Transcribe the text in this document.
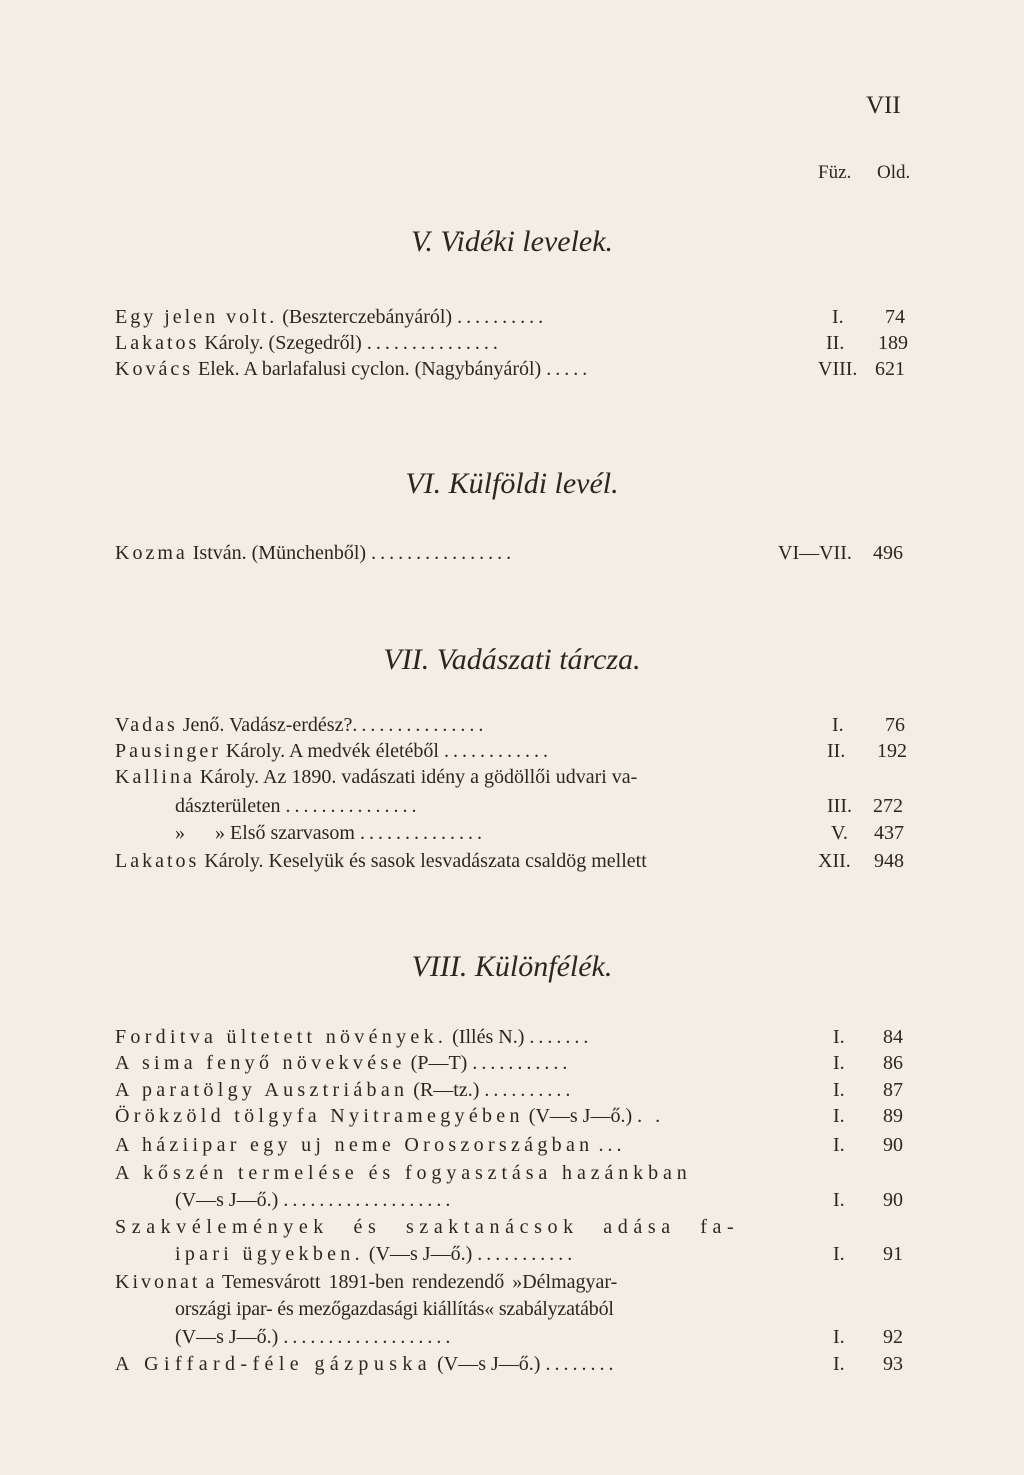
VII
Füz. Old.
V. Vidéki levelek.
Egy jelen volt. (Beszterczebányáról) ..........	I. 74
Lakatos Károly. (Szegedről) ...............	II. 189
Kovács Elek. A barlafalusi cyclon. (Nagybányáról) .....	VIII. 621
VI. Külföldi levél.
Kozma István. (Münchenből) ................	VI—VII. 496
VII. Vadászati tárcza.
Vadas Jenő. Vadász-erdész?...............	I. 76
Pausinger Károly. A medvék életéből ............	II. 192
Kallina Károly. Az 1890. vadászati idény a gödöllői udvari va-
dászterületen ...............	III. 272
»      » Első szarvasom ..............	V. 437
Lakatos Károly. Keselyük és sasok lesvadászata csaldög mellett	XII. 948
VIII. Különfélék.
Forditva ültetett növények. (Illés N.) .......	I. 84
A sima fenyő növekvése (P—T) ...........	I. 86
A paratölgy Ausztriában (R—tz.) ..........	I. 87
Örökzöld tölgyfa Nyitramegyében (V—s J—ő.) . .	I. 89
A háziipar egy uj neme Oroszországban ...	I. 90
A kőszén termelése és fogyasztása hazánkban
(V—s J—ő.) ...................	I. 90
Szakvélemények és szaktanácsok adása fa-
ipari ügyekben. (V—s J—ő.) ...........	I. 91
Kivonat a Temesvárott 1891-ben rendezendő »Délmagyar-
országi ipar- és mezőgazdasági kiállítás« szabályzatából
(V—s J—ő.) ...................	I. 92
A Giffard-féle gázpuska (V—s J—ő.) ........	I. 93
